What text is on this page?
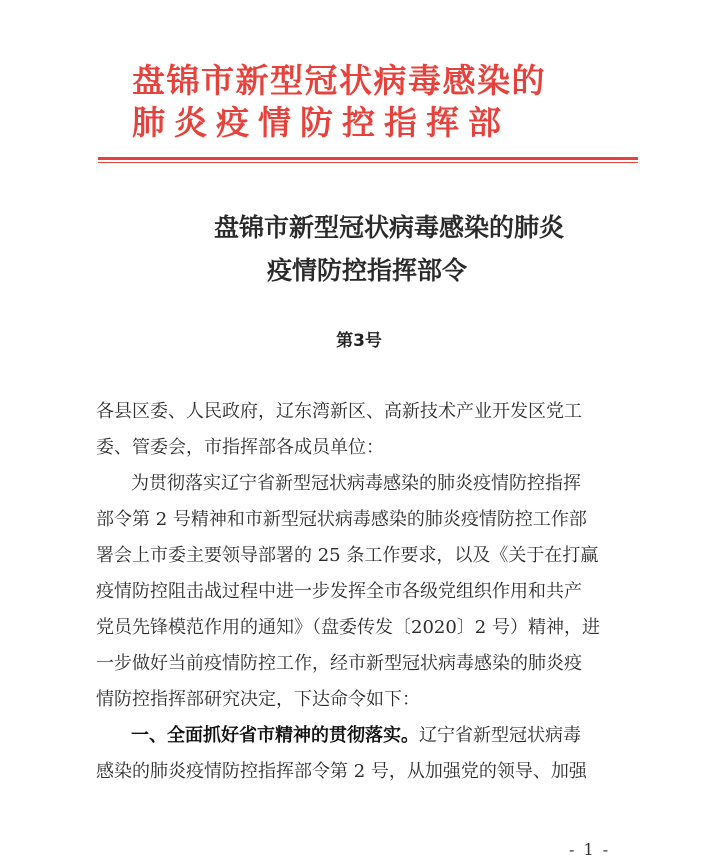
盘锦市新型冠状病毒感染的
肺炎疫情防控指挥部
盘锦市新型冠状病毒感染的肺炎
疫情防控指挥部令
第3号
各县区委、人民政府，辽东湾新区、高新技术产业开发区党工
委、管委会，市指挥部各成员单位：
为贯彻落实辽宁省新型冠状病毒感染的肺炎疫情防控指挥
部令第 2 号精神和市新型冠状病毒感染的肺炎疫情防控工作部
署会上市委主要领导部署的 25 条工作要求，以及《关于在打赢
疫情防控阻击战过程中进一步发挥全市各级党组织作用和共产
党员先锋模范作用的通知》（盘委传发〔2020〕2 号）精神，进
一步做好当前疫情防控工作，经市新型冠状病毒感染的肺炎疫
情防控指挥部研究决定，下达命令如下：
一、全面抓好省市精神的贯彻落实。辽宁省新型冠状病毒
感染的肺炎疫情防控指挥部令第 2 号，从加强党的领导、加强
- 1 -
